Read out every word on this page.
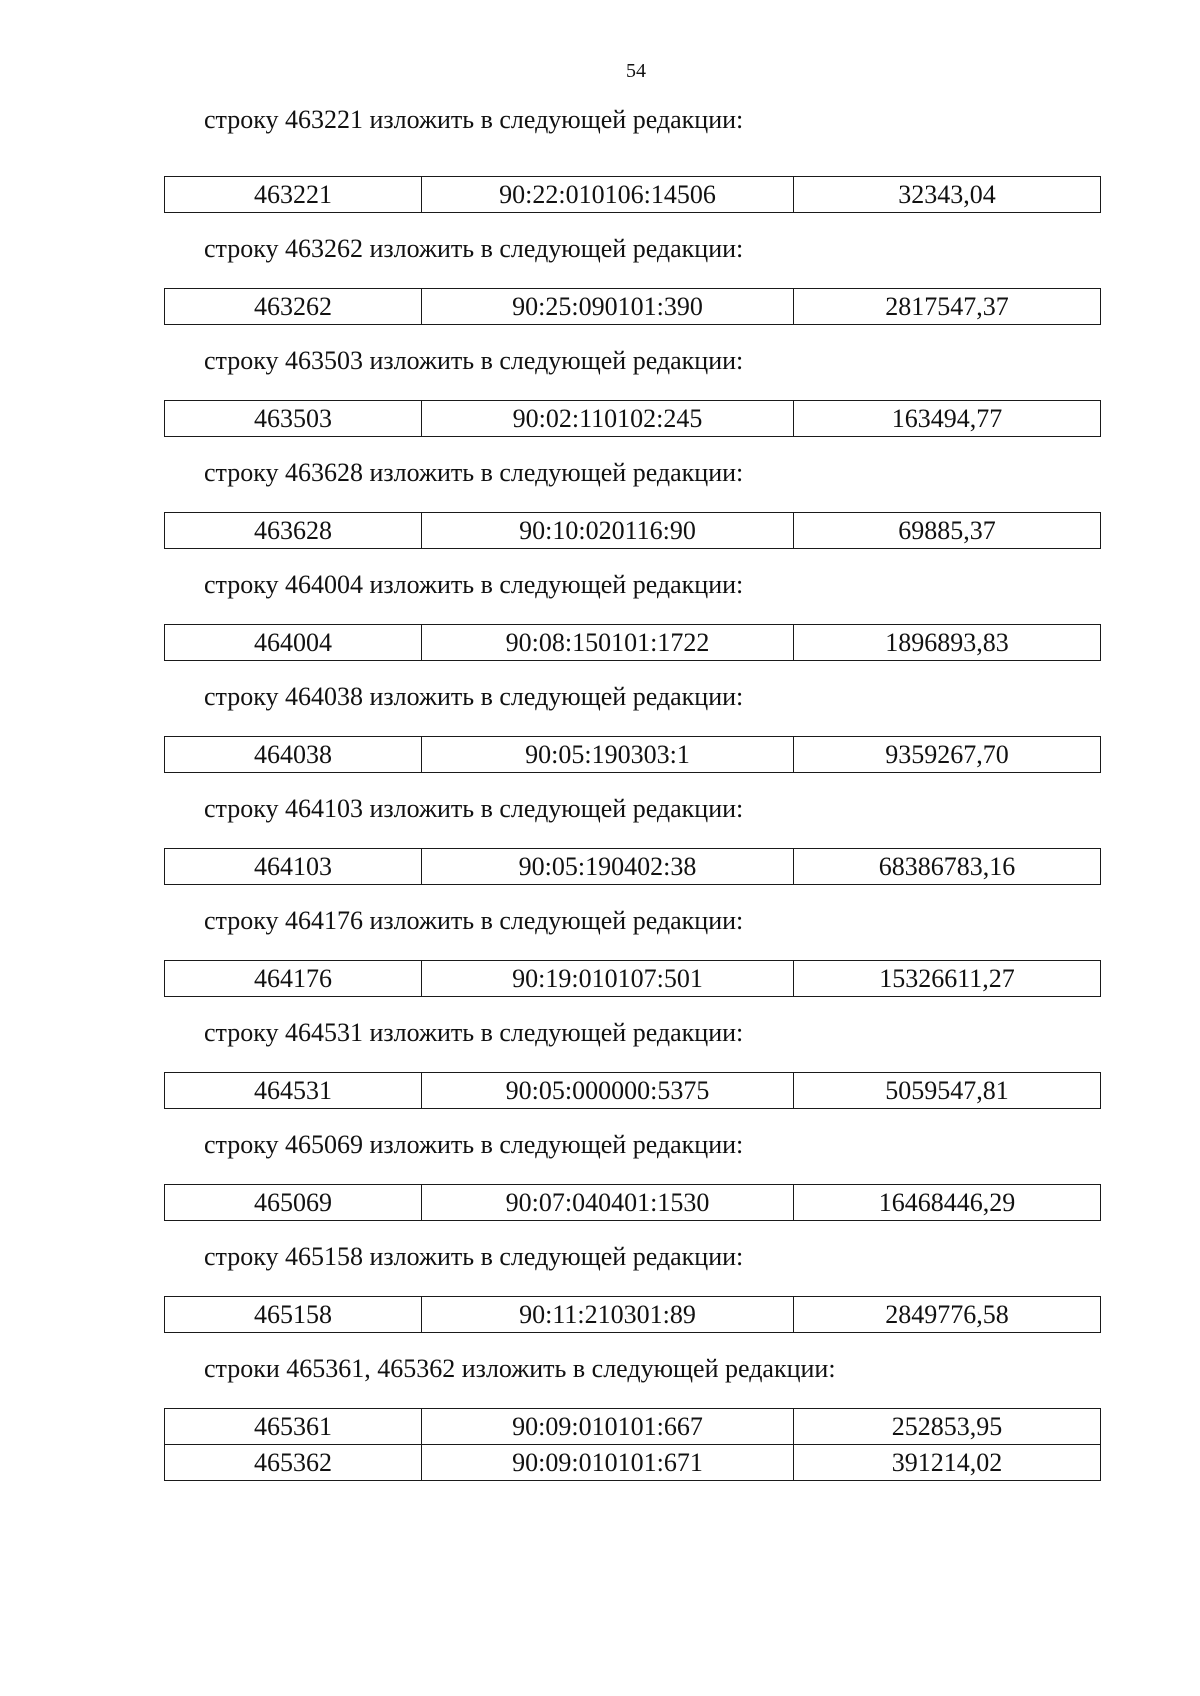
54
строку 463221 изложить в следующей редакции:
463221	90:22:010106:14506	32343,04
строку 463262 изложить в следующей редакции:
463262	90:25:090101:390	2817547,37
строку 463503 изложить в следующей редакции:
463503	90:02:110102:245	163494,77
строку 463628 изложить в следующей редакции:
463628	90:10:020116:90	69885,37
строку 464004 изложить в следующей редакции:
464004	90:08:150101:1722	1896893,83
строку 464038 изложить в следующей редакции:
464038	90:05:190303:1	9359267,70
строку 464103 изложить в следующей редакции:
464103	90:05:190402:38	68386783,16
строку 464176 изложить в следующей редакции:
464176	90:19:010107:501	15326611,27
строку 464531 изложить в следующей редакции:
464531	90:05:000000:5375	5059547,81
строку 465069 изложить в следующей редакции:
465069	90:07:040401:1530	16468446,29
строку 465158 изложить в следующей редакции:
465158	90:11:210301:89	2849776,58
строки 465361, 465362 изложить в следующей редакции:
465361	90:09:010101:667	252853,95
465362	90:09:010101:671	391214,02
